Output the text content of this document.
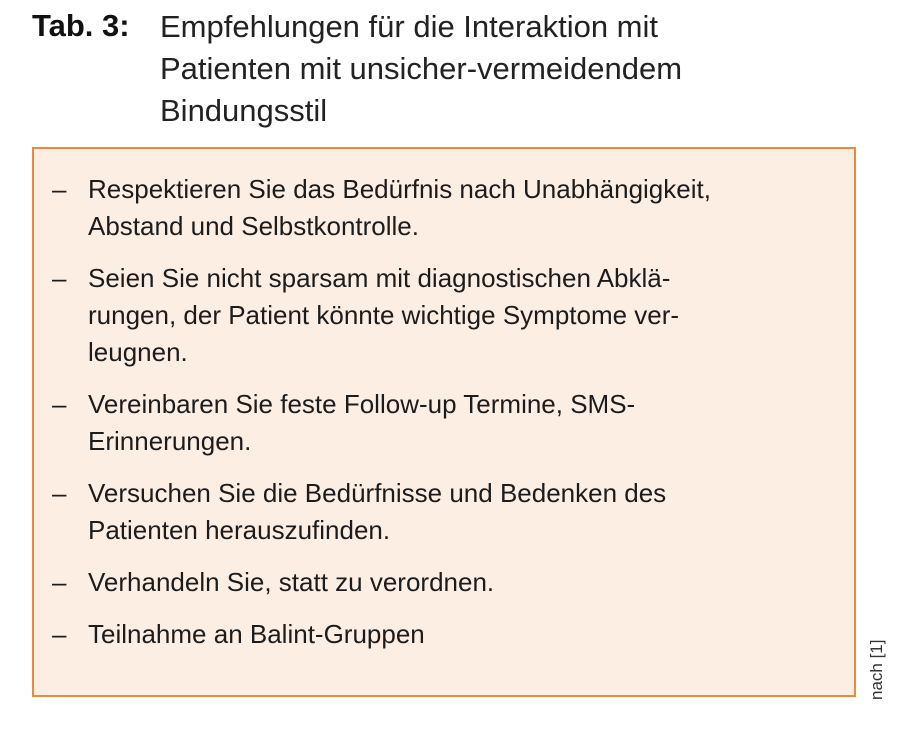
Tab. 3: Empfehlungen für die Interaktion mit
Patienten mit unsicher-vermeidendem
Bindungsstil
– Respektieren Sie das Bedürfnis nach Unabhängigkeit,
Abstand und Selbstkontrolle.
– Seien Sie nicht sparsam mit diagnostischen Abklä-
rungen, der Patient könnte wichtige Symptome ver-
leugnen.
– Vereinbaren Sie feste Follow-up Termine, SMS-
Erinnerungen.
– Versuchen Sie die Bedürfnisse und Bedenken des
Patienten herauszufinden.
– Verhandeln Sie, statt zu verordnen.
– Teilnahme an Balint-Gruppen
nach [1]
